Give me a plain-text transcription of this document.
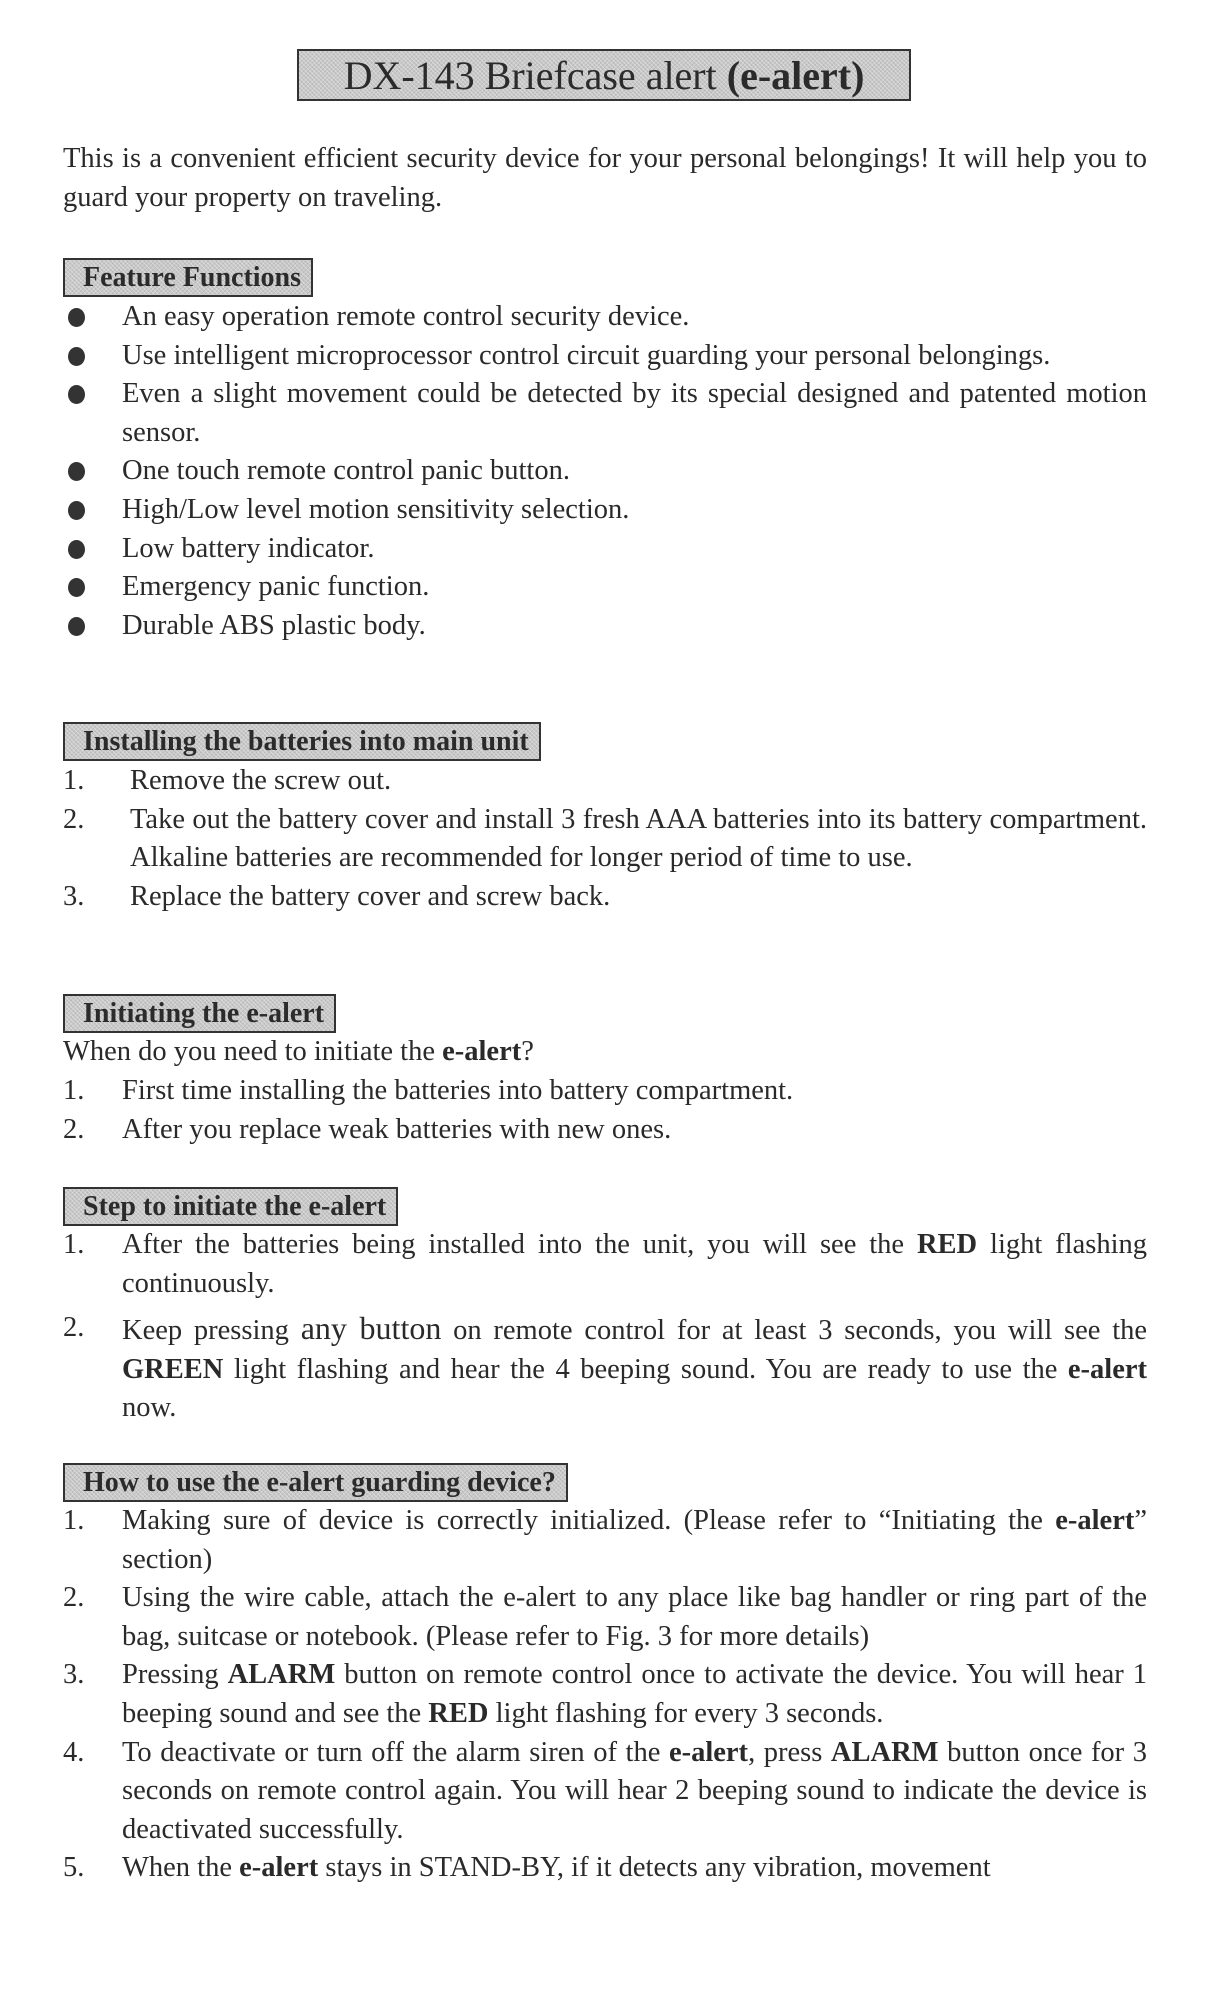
DX-143 Briefcase alert
(e-alert)
This is a convenient efficient security device for your personal belongings! It will help you to guard your property on traveling.
Feature Functions
An easy operation remote control security device.
Use intelligent microprocessor control circuit guarding your personal belongings.
Even a slight movement could be detected by its special designed and patented motion sensor.
One touch remote control panic button.
High/Low level motion sensitivity selection.
Low battery indicator.
Emergency panic function.
Durable ABS plastic body.
Installing the batteries into main unit
1. Remove the screw out.
2. Take out the battery cover and install 3 fresh AAA batteries into its battery compartment. Alkaline batteries are recommended for longer period of time to use.
3. Replace the battery cover and screw back.
Initiating the e-alert
When do you need to initiate the e-alert?
1. First time installing the batteries into battery compartment.
2. After you replace weak batteries with new ones.
Step to initiate the e-alert
1. After the batteries being installed into the unit, you will see the RED light flashing continuously.
2. Keep pressing any button on remote control for at least 3 seconds, you will see the GREEN light flashing and hear the 4 beeping sound. You are ready to use the e-alert now.
How to use the e-alert guarding device?
1. Making sure of device is correctly initialized. (Please refer to “Initiating the e-alert” section)
2. Using the wire cable, attach the e-alert to any place like bag handler or ring part of the bag, suitcase or notebook. (Please refer to Fig. 3 for more details)
3. Pressing ALARM button on remote control once to activate the device. You will hear 1 beeping sound and see the RED light flashing for every 3 seconds.
4. To deactivate or turn off the alarm siren of the e-alert, press ALARM button once for 3 seconds on remote control again. You will hear 2 beeping sound to indicate the device is deactivated successfully.
5. When the e-alert stays in STAND-BY, if it detects any vibration, movement
